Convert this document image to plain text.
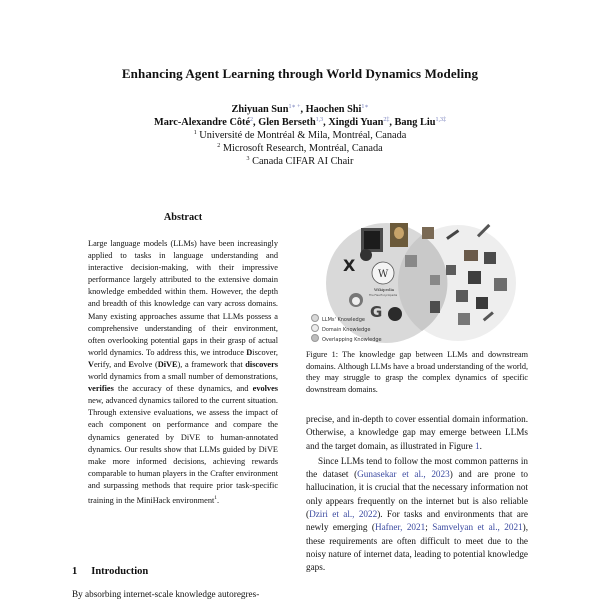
Enhancing Agent Learning through World Dynamics Modeling
Zhiyuan Sun$^{1∗ +}$, Haochen Shi$^{1∗}$
Marc-Alexandre Côté$^2$, Glen Berseth$^{1,3}$, Xingdi Yuan$^{2\ddagger}$, Bang Liu$^{1,3\ddagger}$
$^1$ Université de Montréal & Mila, Montréal, Canada
$^2$ Microsoft Research, Montréal, Canada
$^3$ Canada CIFAR AI Chair
Abstract
Large language models (LLMs) have been increasingly applied to tasks in language understanding and interactive decision-making, with their impressive performance largely attributed to the extensive domain knowledge embedded within them. However, the depth and breadth of this knowledge can vary across domains. Many existing approaches assume that LLMs possess a comprehensive understanding of their environment, often overlooking potential gaps in their grasp of actual world dynamics. To address this, we introduce Discover, Verify, and Evolve (DiVE), a framework that discovers world dynamics from a small number of demonstrations, verifies the accuracy of these dynamics, and evolves new, advanced dynamics tailored to the current situation. Through extensive evaluations, we assess the impact of each component on performance and compare the dynamics generated by DiVE to human-annotated dynamics. Our results show that LLMs guided by DiVE make more informed decisions, achieving rewards comparable to human players in the Crafter environment and surpassing methods that require prior task-specific training in the MiniHack environment$^1$.
1 Introduction
By absorbing internet-scale knowledge autoregres-
X W
Wikipedia
The Free Encyclopedia
G
LLMs' Knowledge
Domain Knowledge
Overlapping Knowledge
Figure 1: The knowledge gap between LLMs and downstream domains. Although LLMs have a broad understanding of the world, they may struggle to grasp the complex dynamics of specific downstream domains.

precise, and in-depth to cover essential domain information. Otherwise, a knowledge gap may emerge between LLMs and the target domain, as illustrated in Figure 1.

Since LLMs tend to follow the most common patterns in the dataset (Gunasekar et al., 2023) and are prone to hallucination, it is crucial that the necessary information not only appears frequently on the internet but is also reliable (Dziri et al., 2022). For tasks and environments that are newly emerging (Hafner, 2021; Samvelyan et al., 2021), these requirements are often difficult to meet due to the noisy nature of internet data, leading to potential knowledge gaps.
